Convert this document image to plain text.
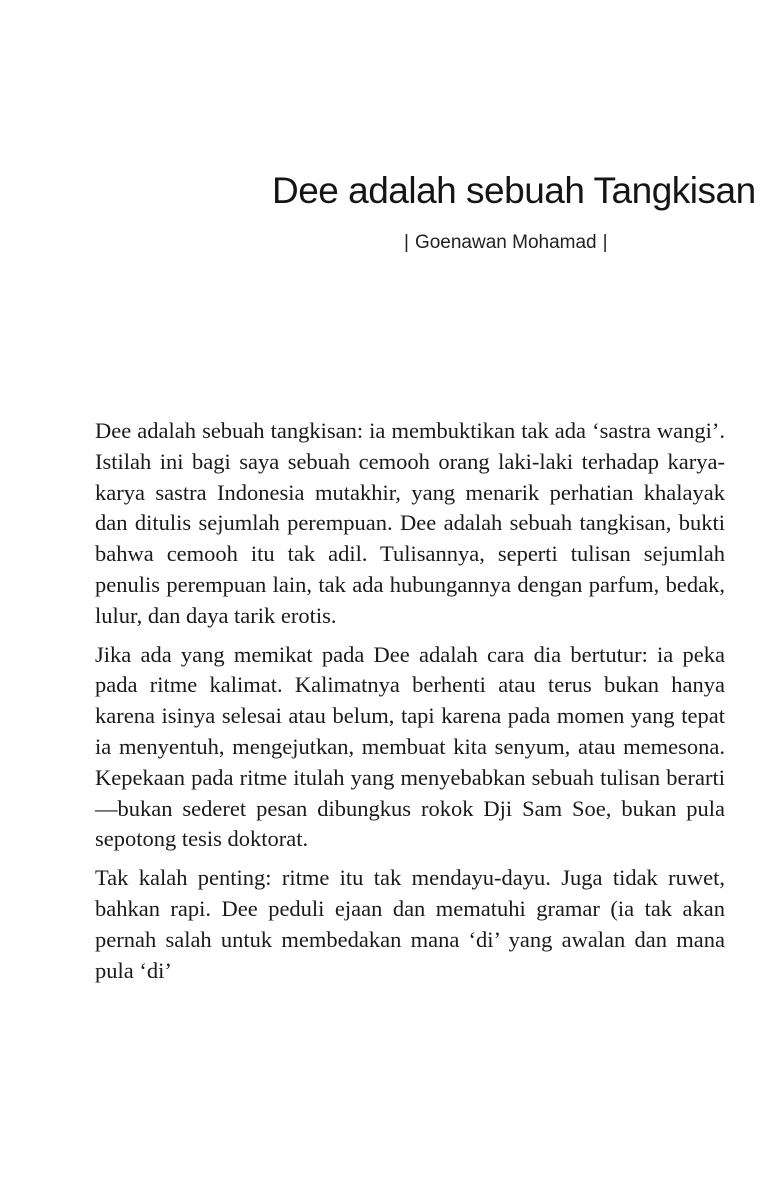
Dee adalah sebuah Tangkisan
| Goenawan Mohamad |

Dee adalah sebuah tangkisan: ia membuktikan tak ada ‘sastra wangi’. Istilah ini bagi saya sebuah cemooh orang laki-laki terhadap karya-karya sastra Indonesia mutakhir, yang menarik perhatian khalayak dan ditulis sejumlah perempuan. Dee adalah sebuah tangkisan, bukti bahwa cemooh itu tak adil. Tulisannya, seperti tulisan sejumlah penulis perempuan lain, tak ada hubungannya dengan parfum, bedak, lulur, dan daya tarik erotis.

Jika ada yang memikat pada Dee adalah cara dia bertutur: ia peka pada ritme kalimat. Kalimatnya berhenti atau terus bukan hanya karena isinya selesai atau belum, tapi karena pada momen yang tepat ia menyentuh, mengejutkan, membuat kita senyum, atau memesona. Kepekaan pada ritme itulah yang menyebabkan sebuah tulisan berarti—bukan sederet pesan dibungkus rokok Dji Sam Soe, bukan pula sepotong tesis doktorat.

Tak kalah penting: ritme itu tak mendayu-dayu. Juga tidak ruwet, bahkan rapi. Dee peduli ejaan dan mematuhi gramar (ia tak akan pernah salah untuk membedakan mana ‘di’ yang awalan dan mana pula ‘di’
